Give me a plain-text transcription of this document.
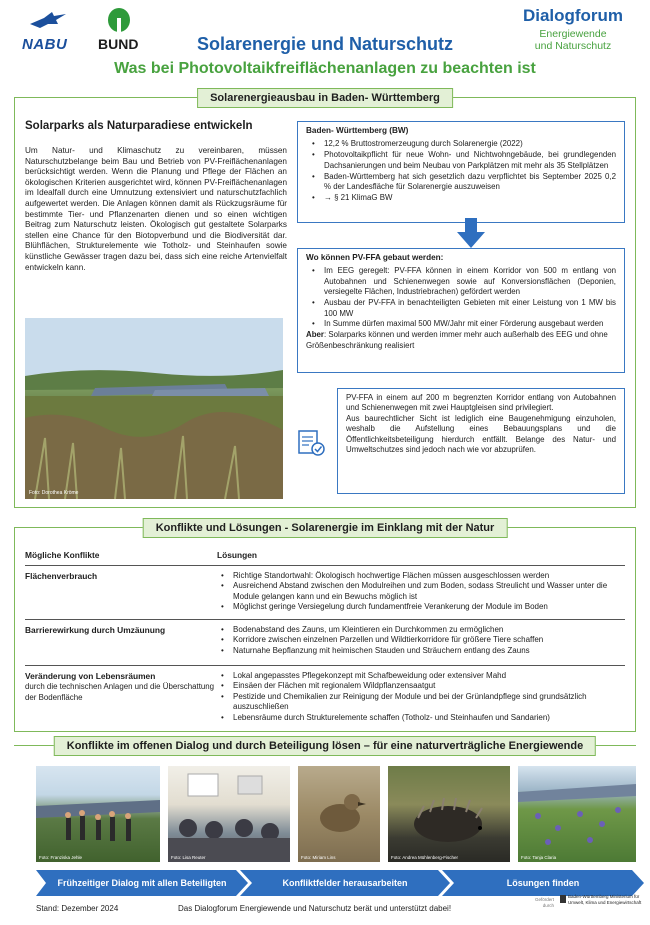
NABU BUND	Solarenergie und Naturschutz
Was bei Photovoltaikfreiflächenanlagen zu beachten ist
Dialogforum
Energiewende
und Naturschutz
Solarenergieausbau in Baden- Württemberg
Solarparks als Naturparadiese entwickeln

Um Natur- und Klimaschutz zu vereinbaren, müssen Naturschutzbelange beim Bau und Betrieb von PV-Freiflächenanlagen berücksichtigt werden. Wenn die Planung und Pflege der Flächen an ökologischen Kriterien ausgerichtet wird, können PV-Freiflächenanlagen im Idealfall durch eine Umnutzung extensiviert und naturschutzfachlich aufgewertet werden. Die Anlagen können damit als Rückzugsräume für bestimmte Tier- und Pflanzenarten dienen und so einen wichtigen Beitrag zum Naturschutz leisten. Ökologisch gut gestaltete Solarparks stellen eine Chance für den Biotopverbund und die Biodiversität dar. Blühflächen, Strukturelemente wie Totholz- und Steinhaufen sowie künstliche Gewässer tragen dazu bei, dass sich eine reiche Artenvielfalt entwickeln kann.

Foto: Dorothea Kröme
Baden- Württemberg (BW)
• 12,2 % Bruttostromerzeugung durch Solarenergie (2022)
• Photovoltaikpflicht für neue Wohn- und Nichtwohngebäude, bei grundlegenden Dachsanierungen und beim Neubau von Parkplätzen mit mehr als 35 Stellplätzen
• Baden-Württemberg hat sich gesetzlich dazu verpflichtet bis September 2025 0,2 % der Landesfläche für Solarenergie auszuweisen
• → § 21 KlimaG BW
Wo können PV-FFA gebaut werden:
• Im EEG geregelt: PV-FFA können in einem Korridor von 500 m entlang von Autobahnen und Schienenwegen sowie auf Konversionsflächen (Deponien, versiegelte Flächen, Industriebrachen) gefördert werden
• Ausbau der PV-FFA in benachteiligten Gebieten mit einer Leistung von 1 MW bis 100 MW
• In Summe dürfen maximal 500 MW/Jahr mit einer Förderung ausgebaut werden
Aber: Solarparks können und werden immer mehr auch außerhalb des EEG und ohne Größenbeschränkung realisiert
PV-FFA in einem auf 200 m begrenzten Korridor entlang von Autobahnen und Schienenwegen mit zwei Hauptgleisen sind privilegiert.
Aus baurechtlicher Sicht ist lediglich eine Baugenehmigung einzuholen, weshalb die Aufstellung eines Bebauungsplans und die Öffentlichkeitsbeteiligung hierdurch entfällt. Belange des Natur- und Umweltschutzes sind jedoch nach wie vor abzuprüfen.
Konflikte und Lösungen - Solarenergie im Einklang mit der Natur
Mögliche Konflikte	Lösungen
Flächenverbrauch	• Richtige Standortwahl: Ökologisch hochwertige Flächen müssen ausgeschlossen werden
• Ausreichend Abstand zwischen den Modulreihen und zum Boden, sodass Streulicht und Wasser unter die Module gelangen kann und ein Bewuchs möglich ist
• Möglichst geringe Versiegelung durch fundamentfreie Verankerung der Module im Boden
Barrierewirkung durch Umzäunung	• Bodenabstand des Zauns, um Kleintieren ein Durchkommen zu ermöglichen
• Korridore zwischen einzelnen Parzellen und Wildtierkorridore für größere Tiere schaffen
• Naturnahe Bepflanzung mit heimischen Stauden und Sträuchern entlang des Zauns
Veränderung von Lebensräumen
durch die technischen Anlagen und die Überschattung der Bodenfläche
• Lokal angepasstes Pflegekonzept mit Schafbeweidung oder extensiver Mahd
• Einsäen der Flächen mit regionalem Wildpflanzensaatgut
• Pestizide und Chemikalien zur Reinigung der Module und bei der Grünlandpflege sind grundsätzlich auszuschließen
• Lebensräume durch Strukturelemente schaffen (Totholz- und Steinhaufen und Sandarien)
Konflikte im offenen Dialog und durch Beteiligung lösen – für eine naturverträgliche Energiewende
Foto: Franziska Jehle	Foto: Lisa Reuter	Foto: Miriam Lins	Foto: Andrea Mühlenberg-Fischer	Foto: Tanja Claria
Frühzeitiger Dialog mit allen Beteiligten	Konfliktfelder herausarbeiten	Lösungen finden
Stand: Dezember 2024	Das Dialogforum Energiewende und Naturschutz berät und unterstützt dabei!
Gefördert durch
Baden-Württemberg Ministerium für Umwelt, Klima und Energiewirtschaft
